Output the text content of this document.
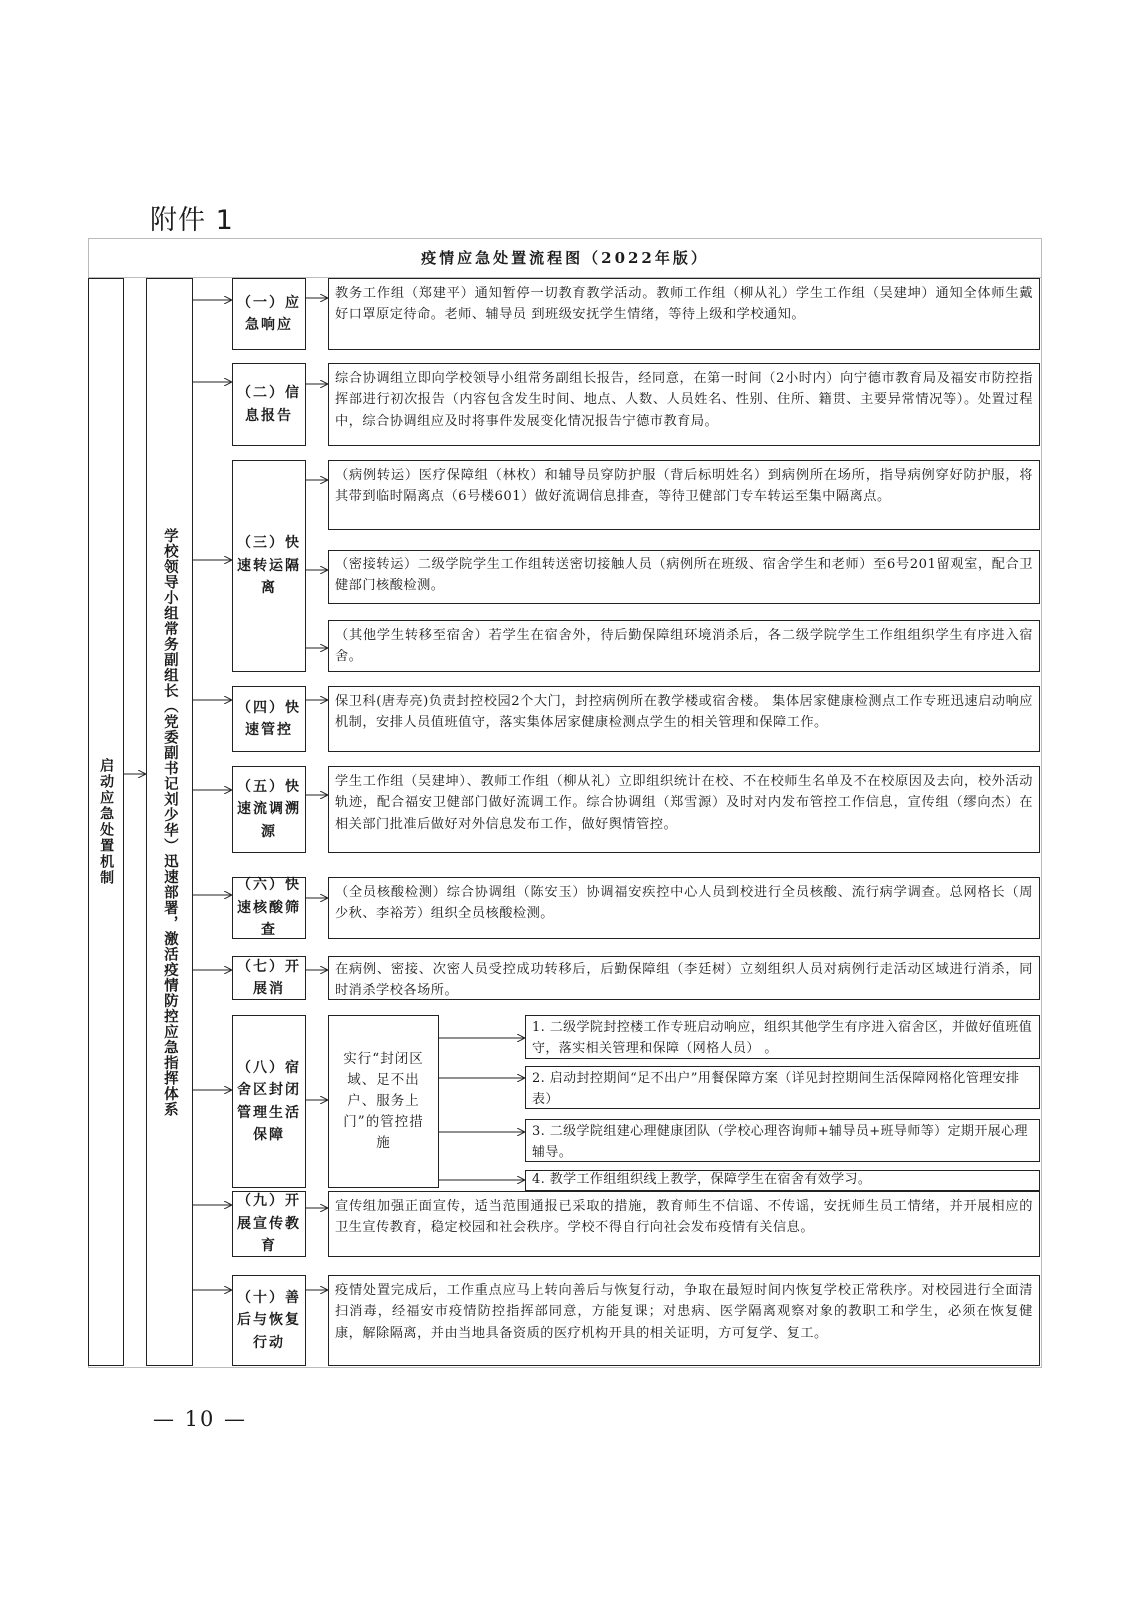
附件 1
疫情应急处置流程图（2022年版）
启动应急处置机制	学校领导小组常务副组长（党委副书记刘少华）迅速部署，激活疫情防控应急指挥体系
（一）应急响应
（二）信息报告
（三）快速转运隔离
（四）快速管控
（五）快速流调溯源
（六）快速核酸筛查
（七）开展消
（八）宿舍区封闭管理生活保障
（九）开展宣传教育
（十）善后与恢复行动
教务工作组（郑建平）通知暂停一切教育教学活动。教师工作组（柳从礼）学生工作组（吴建坤）通知全体师生戴好口罩原定待命。老师、辅导员 到班级安抚学生情绪，等待上级和学校通知。
综合协调组立即向学校领导小组常务副组长报告，经同意，在第一时间（2小时内）向宁德市教育局及福安市防控指挥部进行初次报告（内容包含发生时间、地点、人数、人员姓名、性别、住所、籍贯、主要异常情况等）。处置过程中，综合协调组应及时将事件发展变化情况报告宁德市教育局。
（病例转运）医疗保障组（林枚）和辅导员穿防护服（背后标明姓名）到病例所在场所，指导病例穿好防护服，将其带到临时隔离点（6号楼601）做好流调信息排查，等待卫健部门专车转运至集中隔离点。
（密接转运）二级学院学生工作组转送密切接触人员（病例所在班级、宿舍学生和老师）至6号201留观室，配合卫健部门核酸检测。
（其他学生转移至宿舍）若学生在宿舍外，待后勤保障组环境消杀后，各二级学院学生工作组组织学生有序进入宿舍。
保卫科(唐寿亮)负责封控校园2个大门，封控病例所在教学楼或宿舍楼。 集体居家健康检测点工作专班迅速启动响应机制，安排人员值班值守，落实集体居家健康检测点学生的相关管理和保障工作。
学生工作组（吴建坤）、教师工作组（柳从礼）立即组织统计在校、不在校师生名单及不在校原因及去向，校外活动轨迹，配合福安卫健部门做好流调工作。综合协调组（郑雪源）及时对内发布管控工作信息，宣传组（缪向杰）在相关部门批准后做好对外信息发布工作，做好舆情管控。
（全员核酸检测）综合协调组（陈安玉）协调福安疾控中心人员到校进行全员核酸、流行病学调查。总网格长（周少秋、李裕芳）组织全员核酸检测。
在病例、密接、次密人员受控成功转移后，后勤保障组（李廷树）立刻组织人员对病例行走活动区域进行消杀，同时消杀学校各场所。
实行“封闭区域、足不出户、服务上门”的管控措施
1. 二级学院封控楼工作专班启动响应，组织其他学生有序进入宿舍区，并做好值班值守，落实相关管理和保障（网格人员） 。
2. 启动封控期间“足不出户”用餐保障方案（详见封控期间生活保障网格化管理安排表）
3. 二级学院组建心理健康团队（学校心理咨询师+辅导员+班导师等）定期开展心理辅导。
4. 教学工作组组织线上教学，保障学生在宿舍有效学习。
宣传组加强正面宣传，适当范围通报已采取的措施，教育师生不信谣、不传谣，安抚师生员工情绪，并开展相应的卫生宣传教育，稳定校园和社会秩序。学校不得自行向社会发布疫情有关信息。
疫情处置完成后，工作重点应马上转向善后与恢复行动，争取在最短时间内恢复学校正常秩序。对校园进行全面清扫消毒，经福安市疫情防控指挥部同意，方能复课；对患病、医学隔离观察对象的教职工和学生，必须在恢复健康，解除隔离，并由当地具备资质的医疗机构开具的相关证明，方可复学、复工。
— 10 —
